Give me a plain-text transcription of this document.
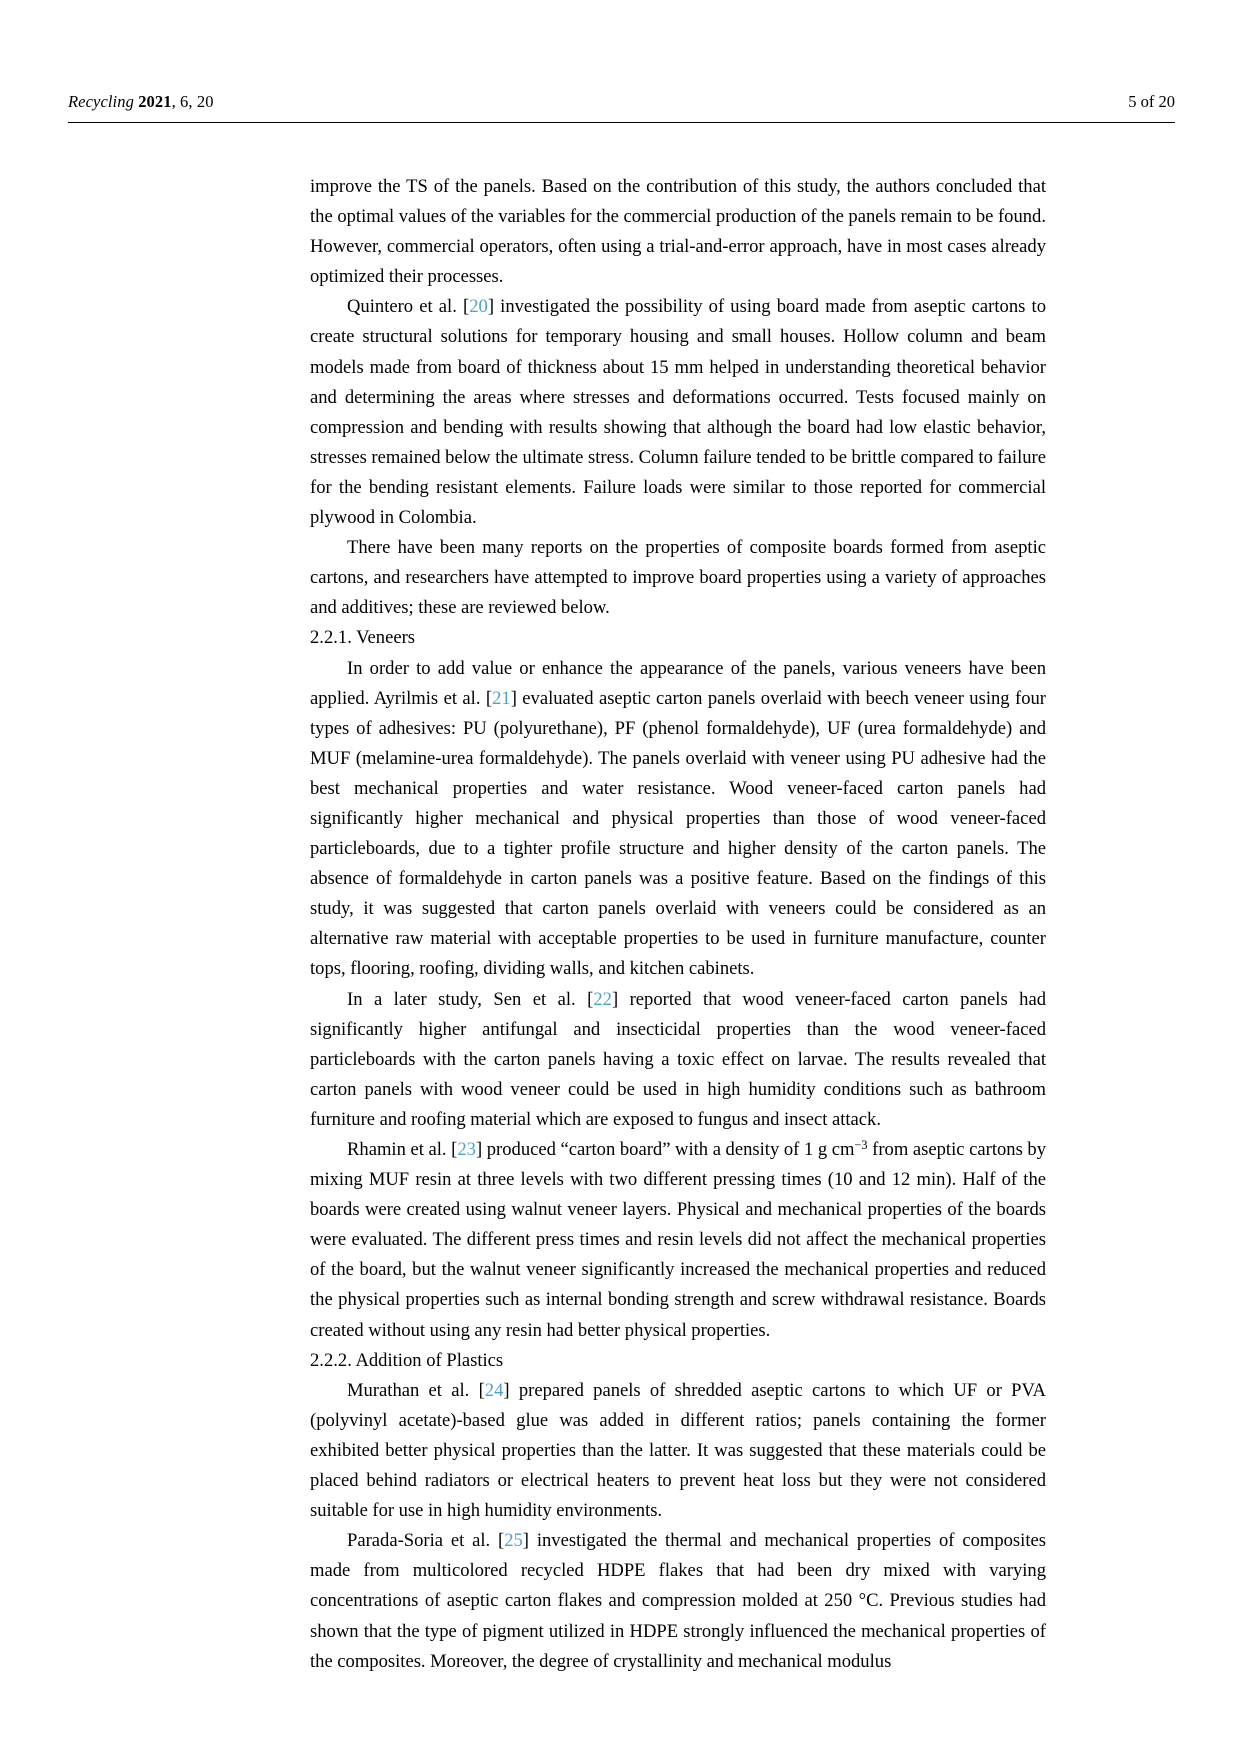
Recycling 2021, 6, 20	5 of 20

improve the TS of the panels. Based on the contribution of this study, the authors concluded that the optimal values of the variables for the commercial production of the panels remain to be found. However, commercial operators, often using a trial-and-error approach, have in most cases already optimized their processes.

Quintero et al. [20] investigated the possibility of using board made from aseptic cartons to create structural solutions for temporary housing and small houses. Hollow column and beam models made from board of thickness about 15 mm helped in understanding theoretical behavior and determining the areas where stresses and deformations occurred. Tests focused mainly on compression and bending with results showing that although the board had low elastic behavior, stresses remained below the ultimate stress. Column failure tended to be brittle compared to failure for the bending resistant elements. Failure loads were similar to those reported for commercial plywood in Colombia.

There have been many reports on the properties of composite boards formed from aseptic cartons, and researchers have attempted to improve board properties using a variety of approaches and additives; these are reviewed below.

2.2.1. Veneers

In order to add value or enhance the appearance of the panels, various veneers have been applied. Ayrilmis et al. [21] evaluated aseptic carton panels overlaid with beech veneer using four types of adhesives: PU (polyurethane), PF (phenol formaldehyde), UF (urea formaldehyde) and MUF (melamine-urea formaldehyde). The panels overlaid with veneer using PU adhesive had the best mechanical properties and water resistance. Wood veneer-faced carton panels had significantly higher mechanical and physical properties than those of wood veneer-faced particleboards, due to a tighter profile structure and higher density of the carton panels. The absence of formaldehyde in carton panels was a positive feature. Based on the findings of this study, it was suggested that carton panels overlaid with veneers could be considered as an alternative raw material with acceptable properties to be used in furniture manufacture, counter tops, flooring, roofing, dividing walls, and kitchen cabinets.

In a later study, Sen et al. [22] reported that wood veneer-faced carton panels had significantly higher antifungal and insecticidal properties than the wood veneer-faced particleboards with the carton panels having a toxic effect on larvae. The results revealed that carton panels with wood veneer could be used in high humidity conditions such as bathroom furniture and roofing material which are exposed to fungus and insect attack.

Rhamin et al. [23] produced “carton board” with a density of 1 g $cm^{-3}$ from aseptic cartons by mixing MUF resin at three levels with two different pressing times (10 and 12 min). Half of the boards were created using walnut veneer layers. Physical and mechanical properties of the boards were evaluated. The different press times and resin levels did not affect the mechanical properties of the board, but the walnut veneer significantly increased the mechanical properties and reduced the physical properties such as internal bonding strength and screw withdrawal resistance. Boards created without using any resin had better physical properties.

2.2.2. Addition of Plastics

Murathan et al. [24] prepared panels of shredded aseptic cartons to which UF or PVA (polyvinyl acetate)-based glue was added in different ratios; panels containing the former exhibited better physical properties than the latter. It was suggested that these materials could be placed behind radiators or electrical heaters to prevent heat loss but they were not considered suitable for use in high humidity environments.

Parada-Soria et al. [25] investigated the thermal and mechanical properties of composites made from multicolored recycled HDPE flakes that had been dry mixed with varying concentrations of aseptic carton flakes and compression molded at 250 °C. Previous studies had shown that the type of pigment utilized in HDPE strongly influenced the mechanical properties of the composites. Moreover, the degree of crystallinity and mechanical modulus
